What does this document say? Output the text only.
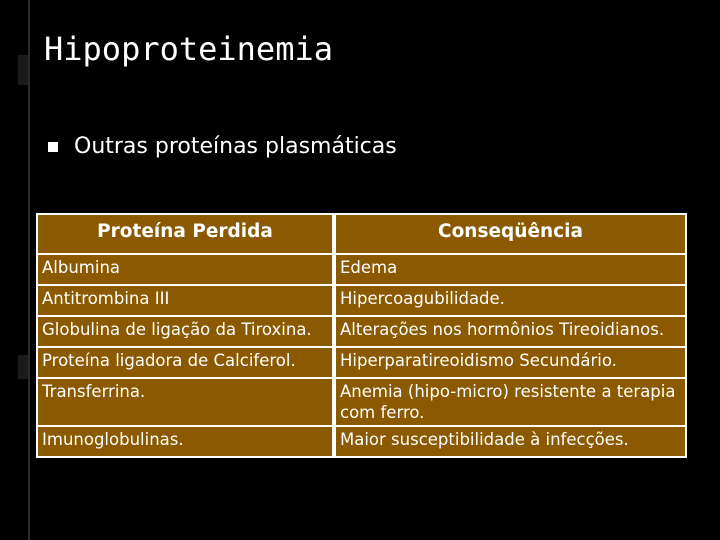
Hipoproteinemia
Outras proteínas plasmáticas
Proteína Perdida	Conseqüência
Albumina	Edema
Antitrombina III	Hipercoagubilidade.
Globulina de ligação da Tiroxina.	Alterações nos hormônios Tireoidianos.
Proteína ligadora de Calciferol.	Hiperparatireoidismo Secundário.
Transferrina.	Anemia (hipo-micro) resistente a terapia com ferro.
Imunoglobulinas.	Maior susceptibilidade à infecções.
